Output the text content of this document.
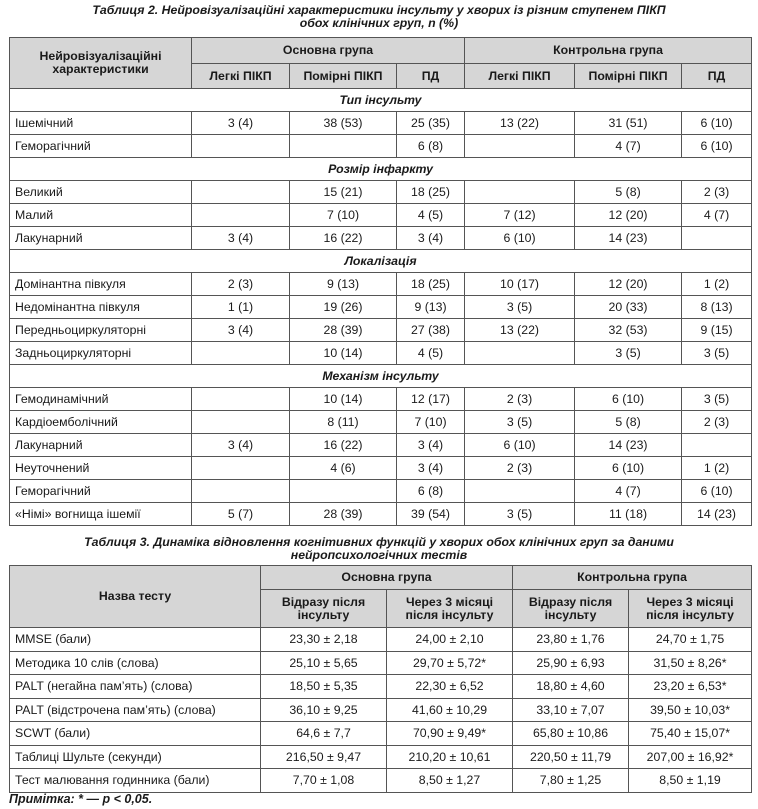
Таблиця 2. Нейровізуалізаційні характеристики інсульту у хворих із різним ступенем ПІКП
обох клінічних груп, n (%)
Нейровізуалізаційні характеристики	Основна група			Контрольна група		
	Легкі ПІКП	Помірні ПІКП	ПД	Легкі ПІКП	Помірні ПІКП	ПД
Тип інсульту						
Ішемічний	3 (4)	38 (53)	25 (35)	13 (22)	31 (51)	6 (10)
Геморагічний			6 (8)		4 (7)	6 (10)
Розмір інфаркту						
Великий		15 (21)	18 (25)		5 (8)	2 (3)
Малий		7 (10)	4 (5)	7 (12)	12 (20)	4 (7)
Лакунарний	3 (4)	16 (22)	3 (4)	6 (10)	14 (23)	
Локалізація						
Домінантна півкуля	2 (3)	9 (13)	18 (25)	10 (17)	12 (20)	1 (2)
Недомінантна півкуля	1 (1)	19 (26)	9 (13)	3 (5)	20 (33)	8 (13)
Передньоциркуляторні	3 (4)	28 (39)	27 (38)	13 (22)	32 (53)	9 (15)
Задньоциркуляторні		10 (14)	4 (5)		3 (5)	3 (5)
Механізм інсульту						
Гемодинамічний		10 (14)	12 (17)	2 (3)	6 (10)	3 (5)
Кардіоемболічний		8 (11)	7 (10)	3 (5)	5 (8)	2 (3)
Лакунарний	3 (4)	16 (22)	3 (4)	6 (10)	14 (23)	
Неуточнений		4 (6)	3 (4)	2 (3)	6 (10)	1 (2)
Геморагічний			6 (8)		4 (7)	6 (10)
«Німі» вогнища ішемії	5 (7)	28 (39)	39 (54)	3 (5)	11 (18)	14 (23)
Таблиця 3. Динаміка відновлення когнітивних функцій у хворих обох клінічних груп за даними
нейропсихологічних тестів
Назва тесту	Основна група		Контрольна група	
	Відразу після інсульту	Через 3 місяці після інсульту	Відразу після інсульту	Через 3 місяці після інсульту
MMSE (бали)	23,30 ± 2,18	24,00 ± 2,10	23,80 ± 1,76	24,70 ± 1,75
Методика 10 слів (слова)	25,10 ± 5,65	29,70 ± 5,72*	25,90 ± 6,93	31,50 ± 8,26*
PALT (негайна пам’ять) (слова)	18,50 ± 5,35	22,30 ± 6,52	18,80 ± 4,60	23,20 ± 6,53*
PALT (відстрочена пам’ять) (слова)	36,10 ± 9,25	41,60 ± 10,29	33,10 ± 7,07	39,50 ± 10,03*
SCWT (бали)	64,6 ± 7,7	70,90 ± 9,49*	65,80 ± 10,86	75,40 ± 15,07*
Таблиці Шульте (секунди)	216,50 ± 9,47	210,20 ± 10,61	220,50 ± 11,79	207,00 ± 16,92*
Тест малювання годинника (бали)	7,70 ± 1,08	8,50 ± 1,27	7,80 ± 1,25	8,50 ± 1,19
Примітка: * — р < 0,05.
